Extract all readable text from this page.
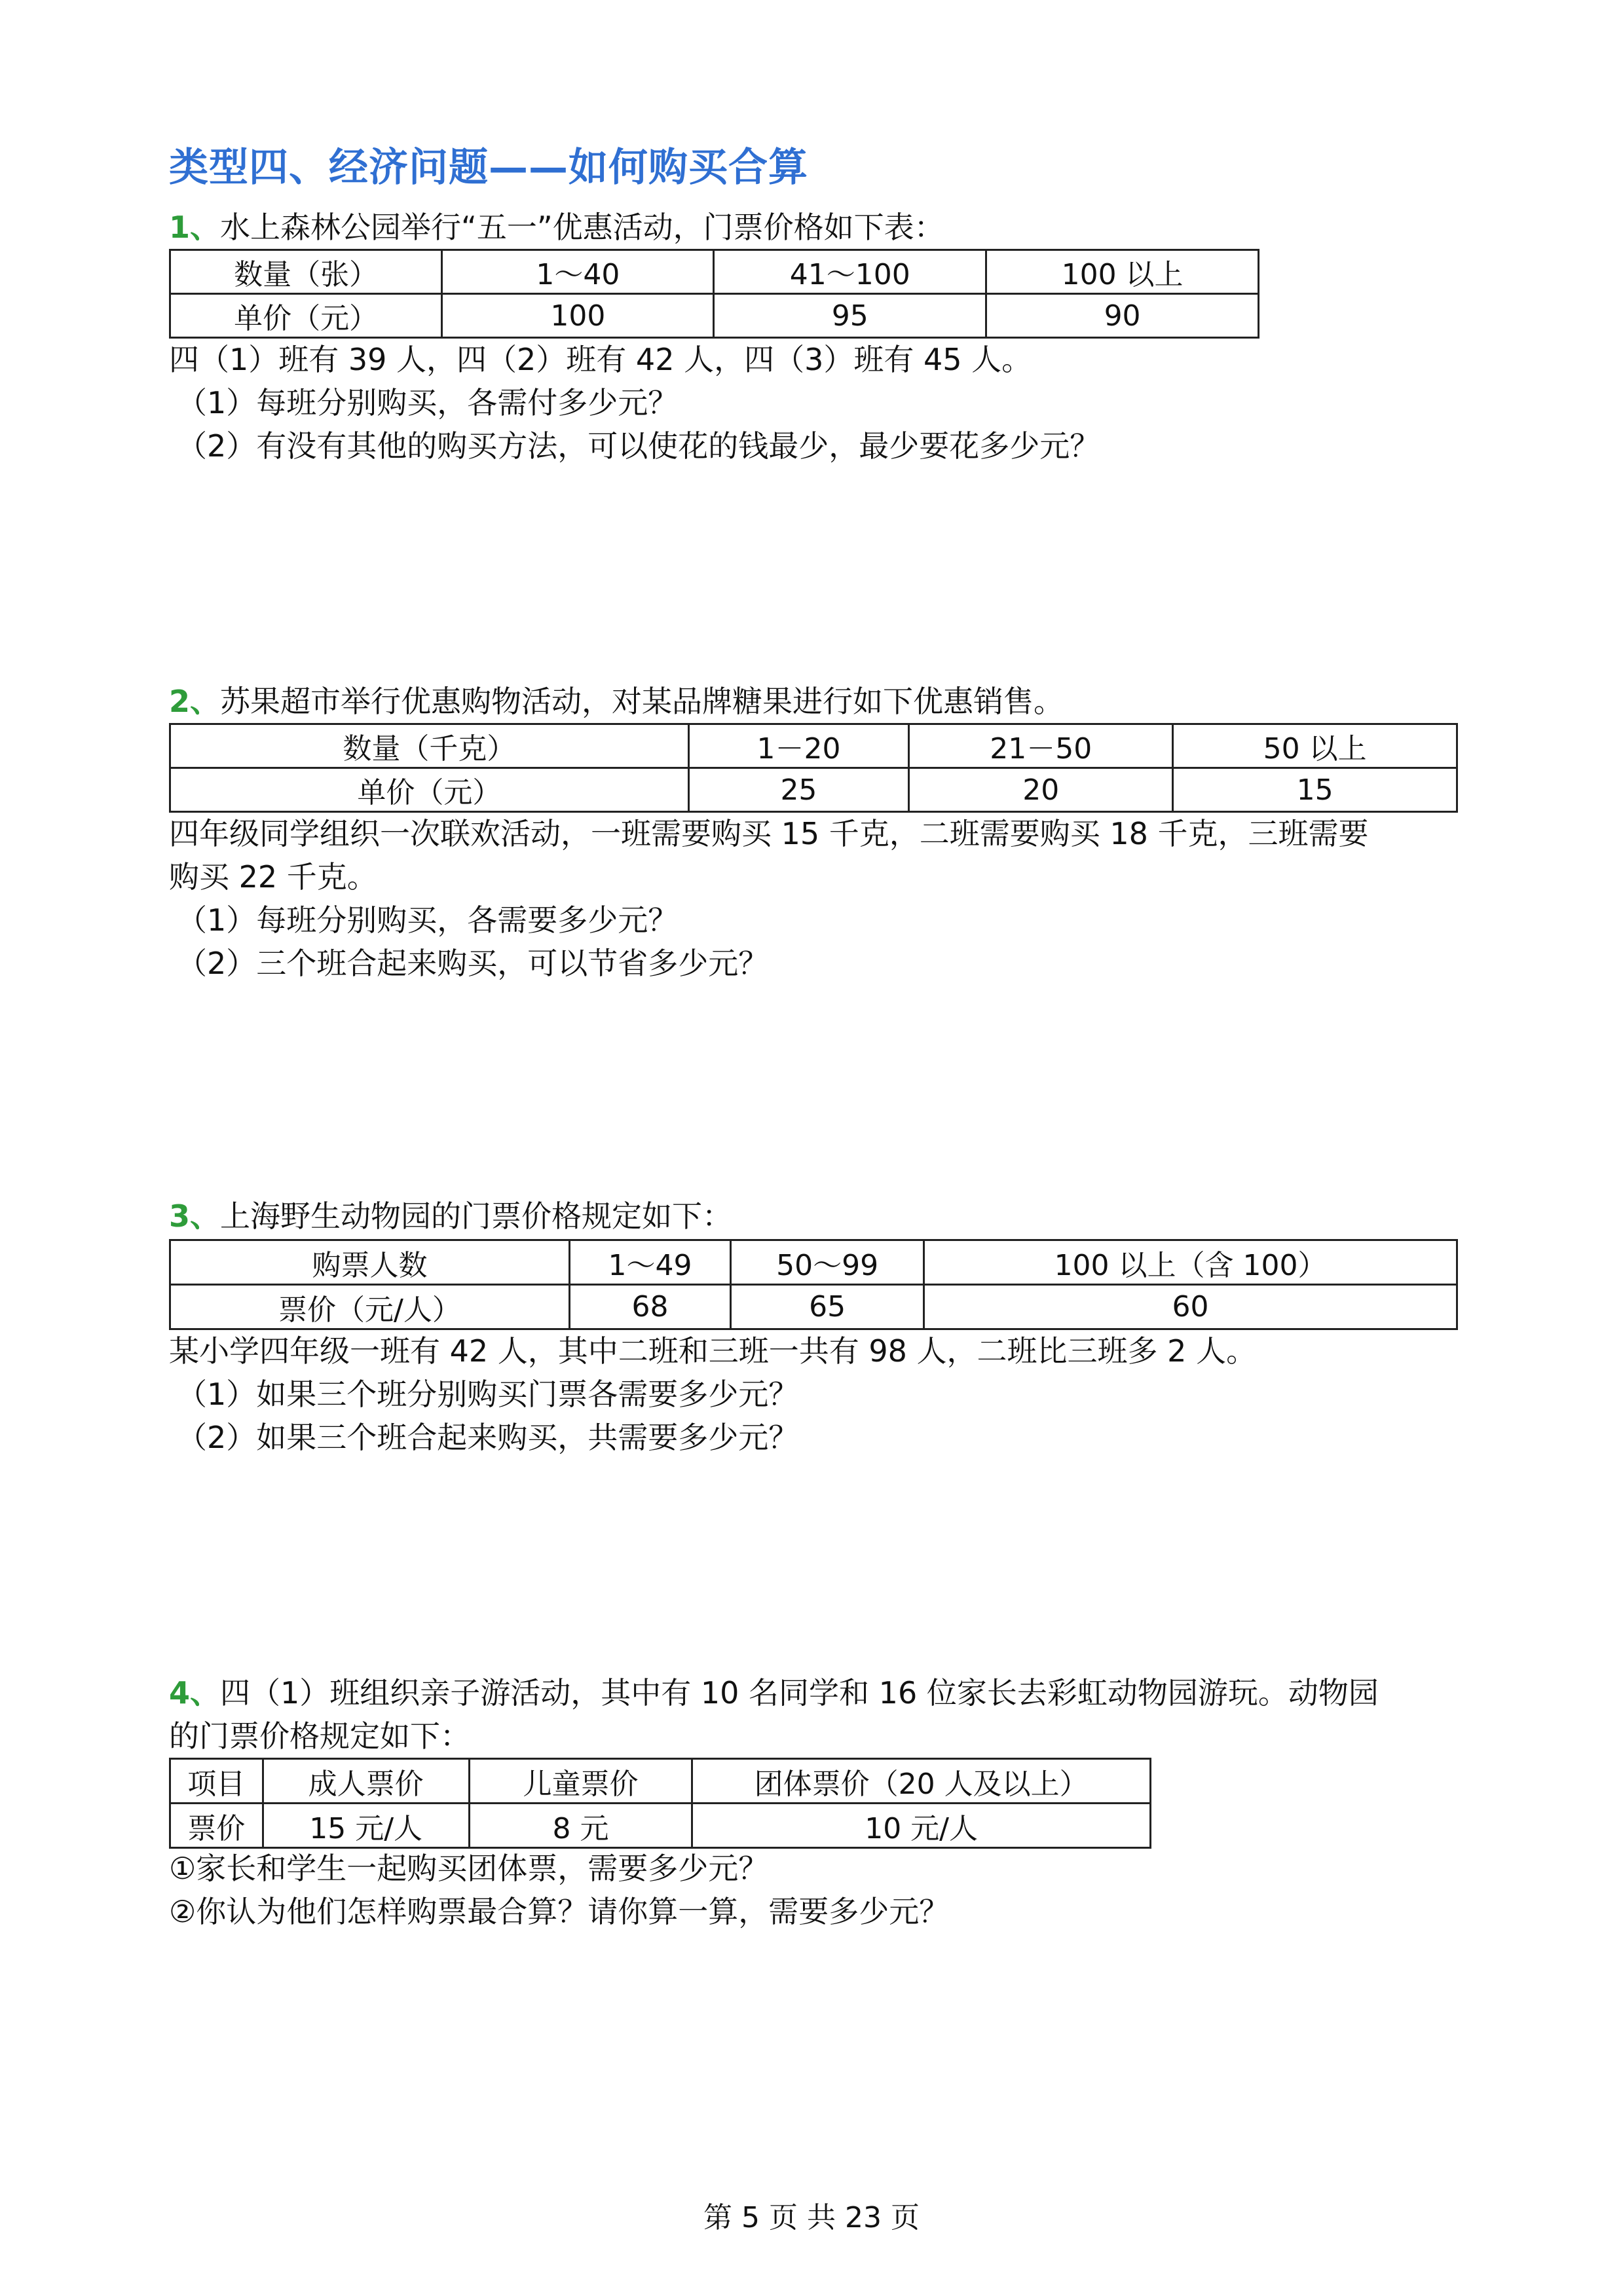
类型四、经济问题——如何购买合算
1、水上森林公园举行“五一”优惠活动，门票价格如下表：
数量（张）	1～40	41～100	100 以上
单价（元）	100	95	90
四（1）班有 39 人，四（2）班有 42 人，四（3）班有 45 人。
（1）每班分别购买，各需付多少元？
（2）有没有其他的购买方法，可以使花的钱最少，最少要花多少元？
2、苏果超市举行优惠购物活动，对某品牌糖果进行如下优惠销售。
数量（千克）	1－20	21－50	50 以上
单价（元）	25	20	15
四年级同学组织一次联欢活动，一班需要购买 15 千克，二班需要购买 18 千克，三班需要
购买 22 千克。
（1）每班分别购买，各需要多少元？
（2）三个班合起来购买，可以节省多少元？
3、上海野生动物园的门票价格规定如下：
购票人数	1～49	50～99	100 以上（含 100）
票价（元/人）	68	65	60
某小学四年级一班有 42 人，其中二班和三班一共有 98 人，二班比三班多 2 人。
（1）如果三个班分别购买门票各需要多少元？
（2）如果三个班合起来购买，共需要多少元？
4、四（1）班组织亲子游活动，其中有 10 名同学和 16 位家长去彩虹动物园游玩。动物园
的门票价格规定如下：
项目	成人票价	儿童票价	团体票价（20 人及以上）
票价	15 元/人	8 元	10 元/人
①家长和学生一起购买团体票，需要多少元？
②你认为他们怎样购票最合算？请你算一算，需要多少元？
第 5 页 共 23 页
